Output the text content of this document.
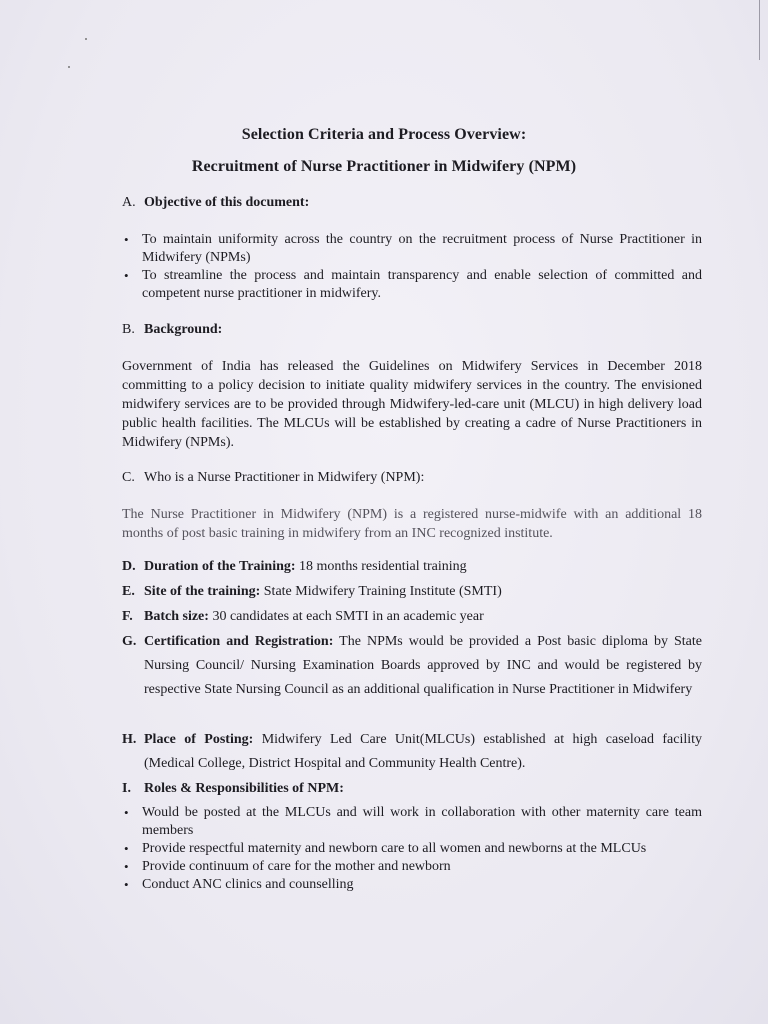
Selection Criteria and Process Overview:
Recruitment of Nurse Practitioner in Midwifery (NPM)
A. Objective of this document:
• To maintain uniformity across the country on the recruitment process of Nurse Practitioner in Midwifery (NPMs)
• To streamline the process and maintain transparency and enable selection of committed and competent nurse practitioner in midwifery.
B. Background:

Government of India has released the Guidelines on Midwifery Services in December 2018 committing to a policy decision to initiate quality midwifery services in the country. The envisioned midwifery services are to be provided through Midwifery-led-care unit (MLCU) in high delivery load public health facilities. The MLCUs will be established by creating a cadre of Nurse Practitioners in Midwifery (NPMs).

C. Who is a Nurse Practitioner in Midwifery (NPM):

The Nurse Practitioner in Midwifery (NPM) is a registered nurse-midwife with an additional 18 months of post basic training in midwifery from an INC recognized institute.

D. Duration of the Training: 18 months residential training
E. Site of the training: State Midwifery Training Institute (SMTI)
F. Batch size: 30 candidates at each SMTI in an academic year
G. Certification and Registration: The NPMs would be provided a Post basic diploma by State Nursing Council/ Nursing Examination Boards approved by INC and would be registered by respective State Nursing Council as an additional qualification in Nurse Practitioner in Midwifery
H. Place of Posting: Midwifery Led Care Unit(MLCUs) established at high caseload facility (Medical College, District Hospital and Community Health Centre).
I. Roles & Responsibilities of NPM:
• Would be posted at the MLCUs and will work in collaboration with other maternity care team members
• Provide respectful maternity and newborn care to all women and newborns at the MLCUs
• Provide continuum of care for the mother and newborn
• Conduct ANC clinics and counselling
